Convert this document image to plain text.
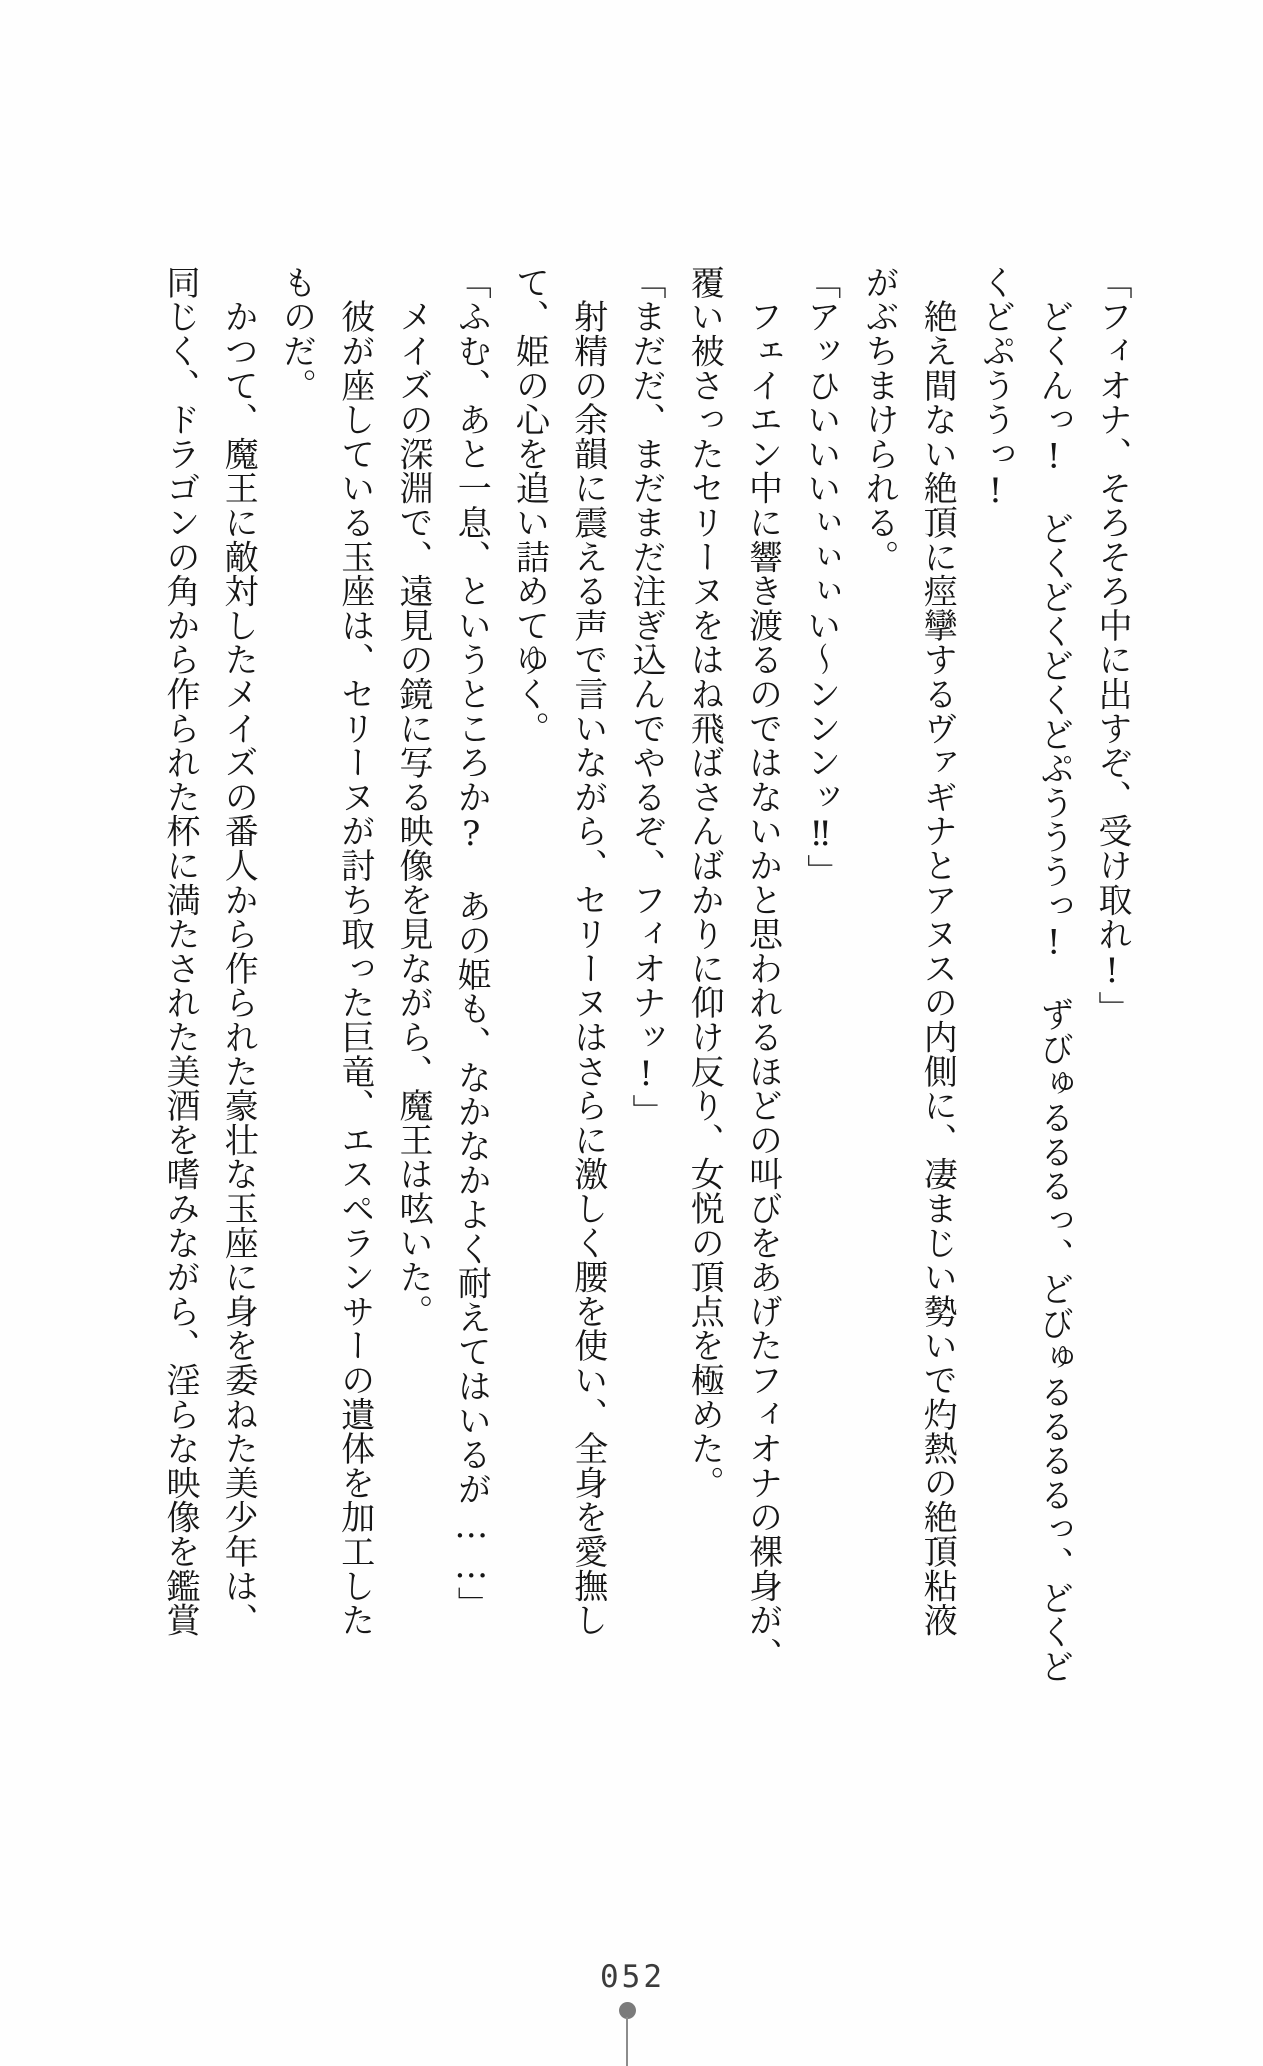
「フィオナ、そろそろ中に出すぞ、受け取れ!」
　どくんっ!　どくどくどくどぷうううっ!　ずびゅるるるっ、どびゅるるるるっ、どくど
くどぷううっ!
　絶え間ない絶頂に痙攣するヴァギナとアヌスの内側に、凄まじい勢いで灼熱の絶頂粘液
がぶちまけられる。
「アッひいいいぃぃぃい〜ンンンッ‼」
　フェイエン中に響き渡るのではないかと思われるほどの叫びをあげたフィオナの裸身が、
覆い被さったセリーヌをはね飛ばさんばかりに仰け反り、女悦の頂点を極めた。
「まだだ、まだまだ注ぎ込んでやるぞ、フィオナッ!」
　射精の余韻に震える声で言いながら、セリーヌはさらに激しく腰を使い、全身を愛撫し
て、姫の心を追い詰めてゆく。
「ふむ、あと一息、というところか?　あの姫も、なかなかよく耐えてはいるが……」
　メイズの深淵で、遠見の鏡に写る映像を見ながら、魔王は呟いた。
　彼が座している玉座は、セリーヌが討ち取った巨竜、エスペランサーの遺体を加工した
ものだ。
　かつて、魔王に敵対したメイズの番人から作られた豪壮な玉座に身を委ねた美少年は、
同じく、ドラゴンの角から作られた杯に満たされた美酒を嗜みながら、淫らな映像を鑑賞
052
